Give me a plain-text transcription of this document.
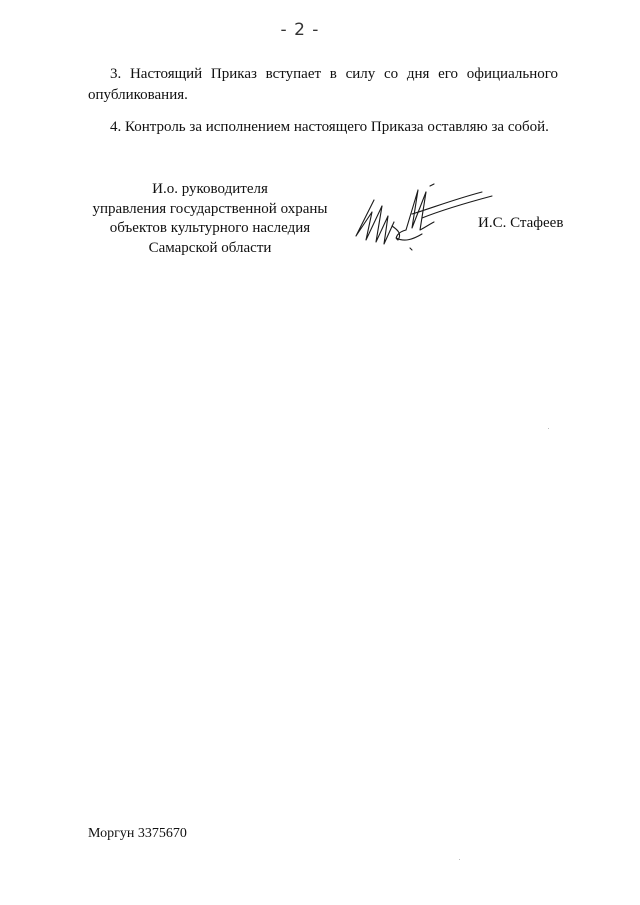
- 2 -

3. Настоящий Приказ вступает в силу со дня его официального опубликования.

4. Контроль за исполнением настоящего Приказа оставляю за собой.

И.о. руководителя
управления государственной охраны
объектов культурного наследия
Самарской области
И.С. Стафеев
Моргун 3375670
